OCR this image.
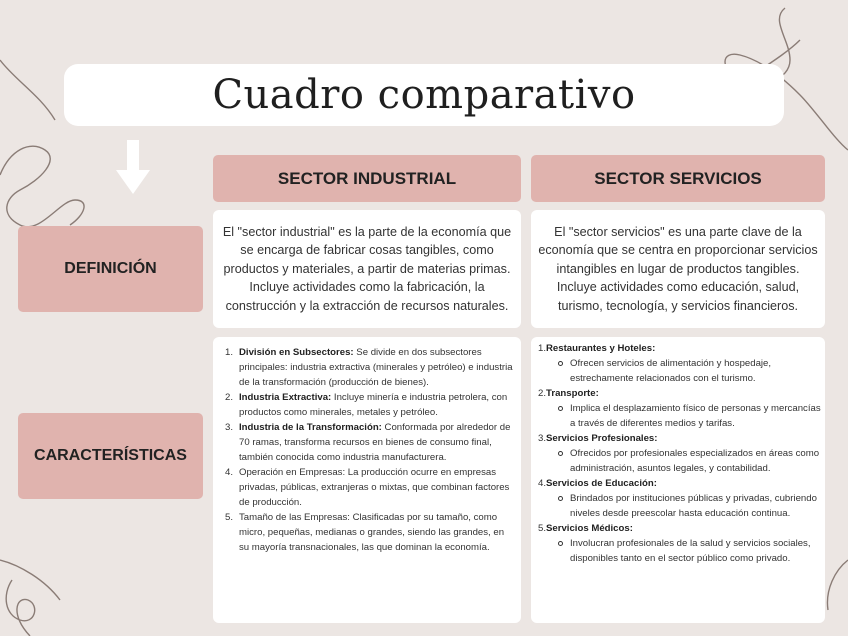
Cuadro comparativo
SECTOR INDUSTRIAL	SECTOR SERVICIOS
DEFINICIÓN
CARACTERÍSTICAS
El "sector industrial" es la parte de la economía que se encarga de fabricar cosas tangibles, como productos y materiales, a partir de materias primas. Incluye actividades como la fabricación, la construcción y la extracción de recursos naturales.
El "sector servicios" es una parte clave de la economía que se centra en proporcionar servicios intangibles en lugar de productos tangibles. Incluye actividades como educación, salud, turismo, tecnología, y servicios financieros.
1. División en Subsectores: Se divide en dos subsectores principales: industria extractiva (minerales y petróleo) e industria de la transformación (producción de bienes).
2. Industria Extractiva: Incluye minería e industria petrolera, con productos como minerales, metales y petróleo.
3. Industria de la Transformación: Conformada por alrededor de 70 ramas, transforma recursos en bienes de consumo final, también conocida como industria manufacturera.
4. Operación en Empresas: La producción ocurre en empresas privadas, públicas, extranjeras o mixtas, que combinan factores de producción.
5. Tamaño de las Empresas: Clasificadas por su tamaño, como micro, pequeñas, medianas o grandes, siendo las grandes, en su mayoría transnacionales, las que dominan la economía.
1. Restaurantes y Hoteles:
Ofrecen servicios de alimentación y hospedaje, estrechamente relacionados con el turismo.
2. Transporte:
Implica el desplazamiento físico de personas y mercancías a través de diferentes medios y tarifas.
3. Servicios Profesionales:
Ofrecidos por profesionales especializados en áreas como administración, asuntos legales, y contabilidad.
4. Servicios de Educación:
Brindados por instituciones públicas y privadas, cubriendo niveles desde preescolar hasta educación continua.
5. Servicios Médicos:
Involucran profesionales de la salud y servicios sociales, disponibles tanto en el sector público como privado.
